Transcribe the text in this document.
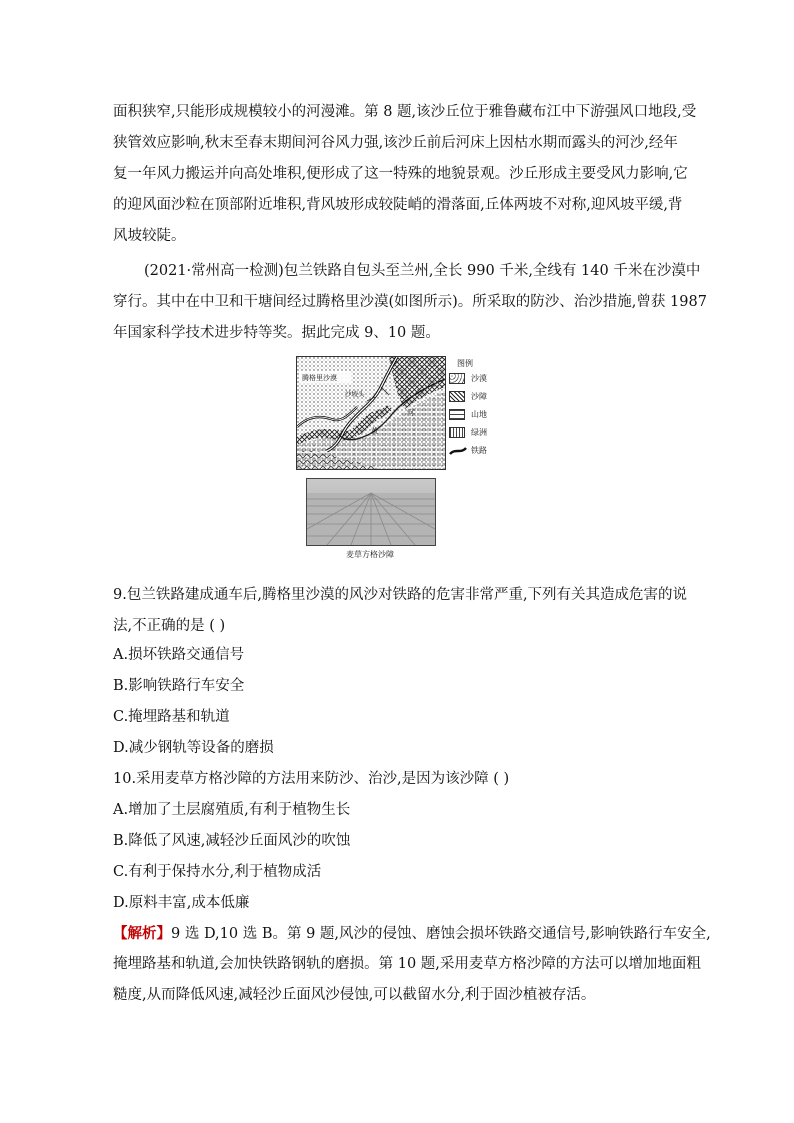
面积狭窄,只能形成规模较小的河漫滩。第 8 题,该沙丘位于雅鲁藏布江中下游强风口地段,受
狭管效应影响,秋末至春末期间河谷风力强,该沙丘前后河床上因枯水期而露头的河沙,经年
复一年风力搬运并向高处堆积,便形成了这一特殊的地貌景观。沙丘形成主要受风力影响,它
的迎风面沙粒在顶部附近堆积,背风坡形成较陡峭的滑落面,丘体两坡不对称,迎风坡平缓,背
风坡较陡。
(2021·常州高一检测)包兰铁路自包头至兰州,全长 990 千米,全线有 140 千米在沙漠中
穿行。其中在中卫和干塘间经过腾格里沙漠(如图所示)。所采取的防沙、治沙措施,曾获 1987
年国家科学技术进步特等奖。据此完成 9、10 题。
腾格里沙漠
沙坡头
河
黄
图例
沙漠
沙障
山地
绿洲
铁路
麦草方格沙障
9.包兰铁路建成通车后,腾格里沙漠的风沙对铁路的危害非常严重,下列有关其造成危害的说
法,不正确的是 ( )
A.损坏铁路交通信号
B.影响铁路行车安全
C.掩埋路基和轨道
D.减少钢轨等设备的磨损
10.采用麦草方格沙障的方法用来防沙、治沙,是因为该沙障 ( )
A.增加了土层腐殖质,有利于植物生长
B.降低了风速,减轻沙丘面风沙的吹蚀
C.有利于保持水分,利于植物成活
D.原料丰富,成本低廉
【解析】9 选 D,10 选 B。第 9 题,风沙的侵蚀、磨蚀会损坏铁路交通信号,影响铁路行车安全,
掩埋路基和轨道,会加快铁路钢轨的磨损。第 10 题,采用麦草方格沙障的方法可以增加地面粗
糙度,从而降低风速,减轻沙丘面风沙侵蚀,可以截留水分,利于固沙植被存活。
